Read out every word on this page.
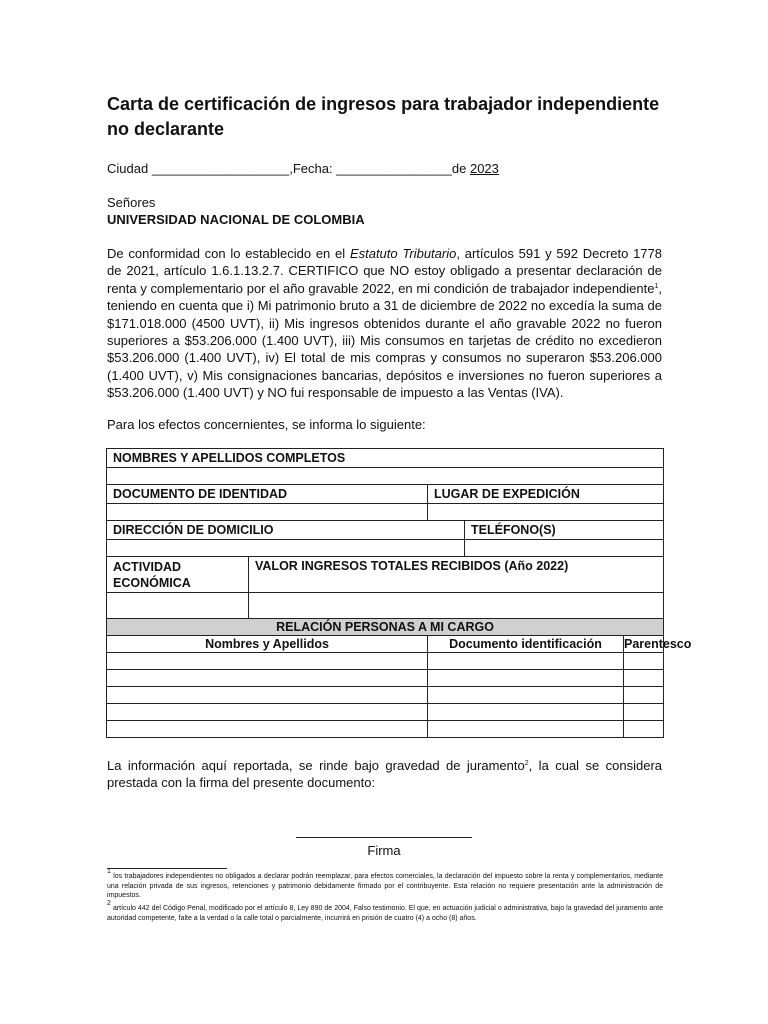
Carta de certificación de ingresos para trabajador independiente no declarante
Ciudad ___________________,Fecha: ________________de 2023
Señores
UNIVERSIDAD NACIONAL DE COLOMBIA
De conformidad con lo establecido en el Estatuto Tributario, artículos 591 y 592 Decreto 1778 de 2021, artículo 1.6.1.13.2.7. CERTIFICO que NO estoy obligado a presentar declaración de renta y complementario por el año gravable 2022, en mi condición de trabajador independiente$^1$, teniendo en cuenta que i) Mi patrimonio bruto a 31 de diciembre de 2022 no excedía la suma de $171.018.000 (4500 UVT), ii) Mis ingresos obtenidos durante el año gravable 2022 no fueron superiores a $53.206.000 (1.400 UVT), iii) Mis consumos en tarjetas de crédito no excedieron $53.206.000 (1.400 UVT), iv) El total de mis compras y consumos no superaron $53.206.000 (1.400 UVT), v) Mis consignaciones bancarias, depósitos e inversiones no fueron superiores a $53.206.000 (1.400 UVT) y NO fui responsable de impuesto a las Ventas (IVA).
Para los efectos concernientes, se informa lo siguiente:
NOMBRES Y APELLIDOS COMPLETOS				

DOCUMENTO DE IDENTIDAD		LUGAR DE EXPEDICIÓN		

DIRECCIÓN DE DOMICILIO			TELÉFONO(S)	

ACTIVIDAD ECONÓMICA	VALOR INGRESOS TOTALES RECIBIDOS (Año 2022)			

RELACIÓN PERSONAS A MI CARGO				
Nombres y Apellidos		Documento identificación		Parentesco

La información aquí reportada, se rinde bajo gravedad de juramento$^2$, la cual se considera prestada con la firma del presente documento:
Firma
$^1$ los trabajadores independientes no obligados a declarar podrán reemplazar, para efectos comerciales, la declaración del impuesto sobre la renta y complementarios, mediante una relación privada de sus ingresos, retenciones y patrimonio debidamente firmado por el contribuyente. Esta relación no requiere presentación ante la administración de impuestos.
$^2$ artículo 442 del Código Penal, modificado por el artículo 8, Ley 890 de 2004, Falso testimonio. El que, en actuación judicial o administrativa, bajo la gravedad del juramento ante autoridad competente, falte a la verdad o la calle total o parcialmente, incurrirá en prisión de cuatro (4) a ocho (8) años.
